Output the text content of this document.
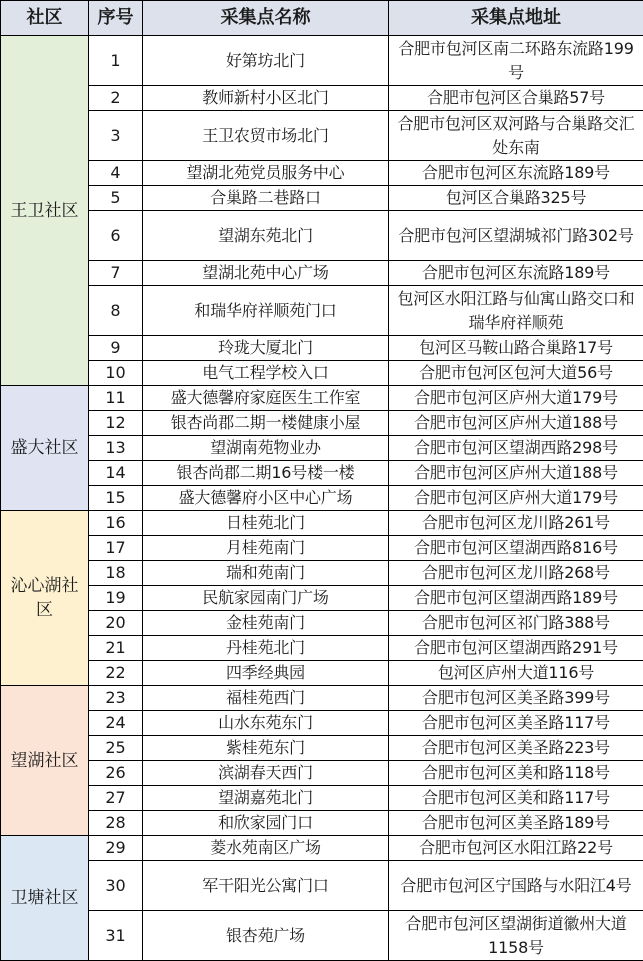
社区	序号	采集点名称	采集点地址
王卫社区	1	好第坊北门	合肥市包河区南二环路东流路199号
	2	教师新村小区北门	合肥市包河区合巢路57号
	3	王卫农贸市场北门	合肥市包河区双河路与合巢路交汇处东南
	4	望湖北苑党员服务中心	合肥市包河区东流路189号
	5	合巢路二巷路口	包河区合巢路325号
	6	望湖东苑北门	合肥市包河区望湖城祁门路302号
	7	望湖北苑中心广场	合肥市包河区东流路189号
	8	和瑞华府祥顺苑门口	包河区水阳江路与仙寓山路交口和瑞华府祥顺苑
	9	玲珑大厦北门	包河区马鞍山路合巢路17号
	10	电气工程学校入口	合肥市包河区包河大道56号
盛大社区	11	盛大德馨府家庭医生工作室	合肥市包河区庐州大道179号
	12	银杏尚郡二期一楼健康小屋	合肥市包河区庐州大道188号
	13	望湖南苑物业办	合肥市包河区望湖西路298号
	14	银杏尚郡二期16号楼一楼	合肥市包河区庐州大道188号
	15	盛大德馨府小区中心广场	合肥市包河区庐州大道179号
沁心湖社区	16	日桂苑北门	合肥市包河区龙川路261号
	17	月桂苑南门	合肥市包河区望湖西路816号
	18	瑞和苑南门	合肥市包河区龙川路268号
	19	民航家园南门广场	合肥市包河区望湖西路189号
	20	金桂苑南门	合肥市包河区祁门路388号
	21	丹桂苑北门	合肥市包河区望湖西路291号
	22	四季经典园	包河区庐州大道116号
望湖社区	23	福桂苑西门	合肥市包河区美圣路399号
	24	山水东苑东门	合肥市包河区美圣路117号
	25	紫桂苑东门	合肥市包河区美圣路223号
	26	滨湖春天西门	合肥市包河区美和路118号
	27	望湖嘉苑北门	合肥市包河区美和路117号
	28	和欣家园门口	合肥市包河区美圣路189号
卫塘社区	29	菱水苑南区广场	合肥市包河区水阳江路22号
	30	军干阳光公寓门口	合肥市包河区宁国路与水阳江4号
	31	银杏苑广场	合肥市包河区望湖街道徽州大道1158号
